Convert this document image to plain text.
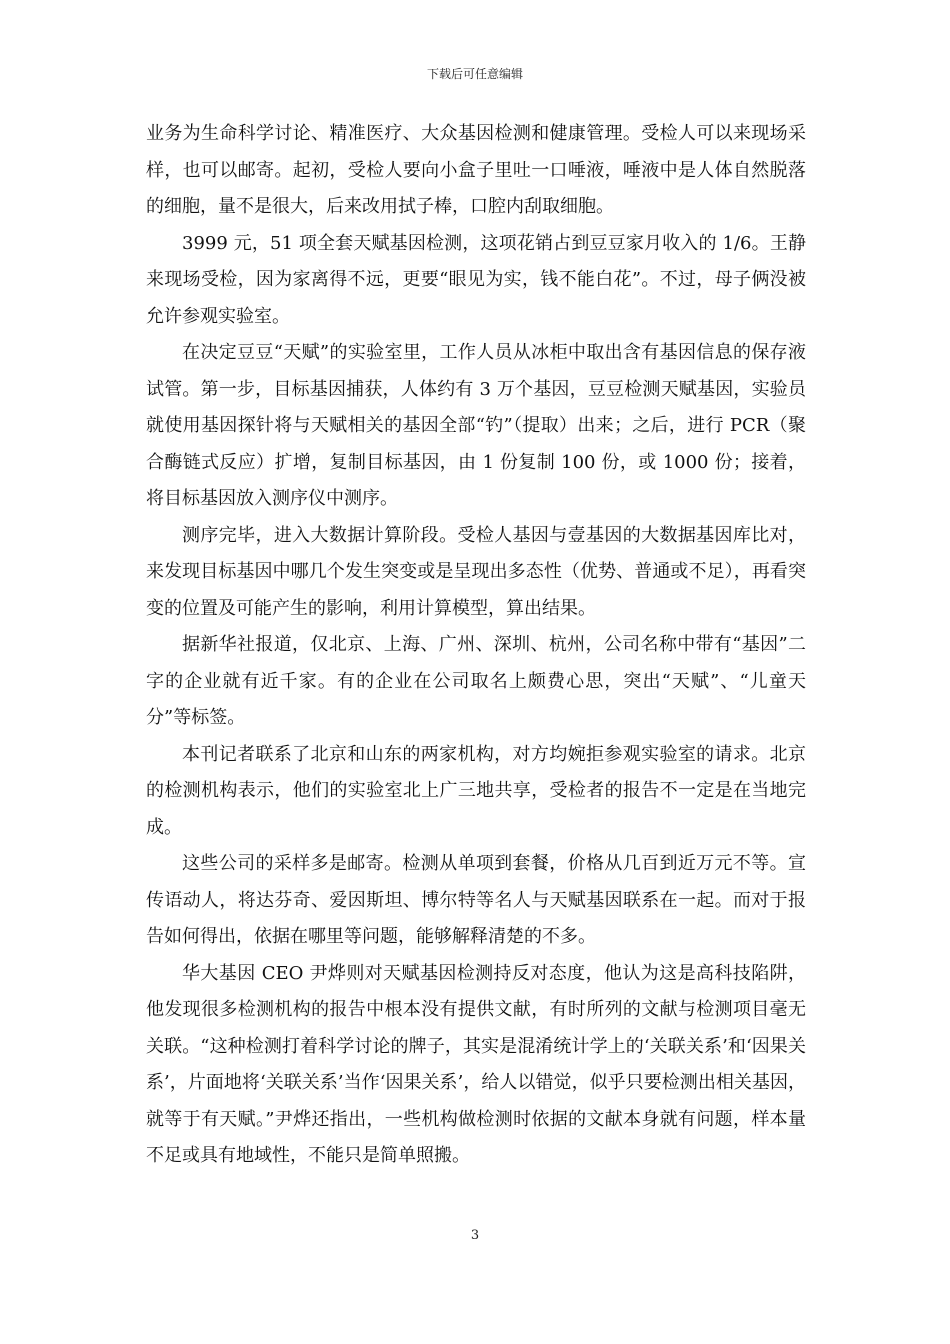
下载后可任意编辑

业务为生命科学讨论、精准医疗、大众基因检测和健康管理。受检人可以来现场采样，也可以邮寄。起初，受检人要向小盒子里吐一口唾液，唾液中是人体自然脱落的细胞，量不是很大，后来改用拭子棒，口腔内刮取细胞。

3999 元，51 项全套天赋基因检测，这项花销占到豆豆家月收入的 1/6。王静来现场受检，因为家离得不远，更要“眼见为实，钱不能白花”。不过，母子俩没被允许参观实验室。

在决定豆豆“天赋”的实验室里，工作人员从冰柜中取出含有基因信息的保存液试管。第一步，目标基因捕获，人体约有 3 万个基因，豆豆检测天赋基因，实验员就使用基因探针将与天赋相关的基因全部“钓”（提取）出来；之后，进行 PCR（聚合酶链式反应）扩增，复制目标基因，由 1 份复制 100 份，或 1000 份；接着，将目标基因放入测序仪中测序。

测序完毕，进入大数据计算阶段。受检人基因与壹基因的大数据基因库比对，来发现目标基因中哪几个发生突变或是呈现出多态性（优势、普通或不足），再看突变的位置及可能产生的影响，利用计算模型，算出结果。

据新华社报道，仅北京、上海、广州、深圳、杭州，公司名称中带有“基因”二字的企业就有近千家。有的企业在公司取名上颇费心思，突出“天赋”、“儿童天分”等标签。

本刊记者联系了北京和山东的两家机构，对方均婉拒参观实验室的请求。北京的检测机构表示，他们的实验室北上广三地共享，受检者的报告不一定是在当地完成。

这些公司的采样多是邮寄。检测从单项到套餐，价格从几百到近万元不等。宣传语动人，将达芬奇、爱因斯坦、博尔特等名人与天赋基因联系在一起。而对于报告如何得出，依据在哪里等问题，能够解释清楚的不多。

华大基因 CEO 尹烨则对天赋基因检测持反对态度，他认为这是高科技陷阱，他发现很多检测机构的报告中根本没有提供文献，有时所列的文献与检测项目毫无关联。“这种检测打着科学讨论的牌子，其实是混淆统计学上的‘关联关系’和‘因果关系’，片面地将‘关联关系’当作‘因果关系’，给人以错觉，似乎只要检测出相关基因，就等于有天赋。”尹烨还指出，一些机构做检测时依据的文献本身就有问题，样本量不足或具有地域性，不能只是简单照搬。

3
